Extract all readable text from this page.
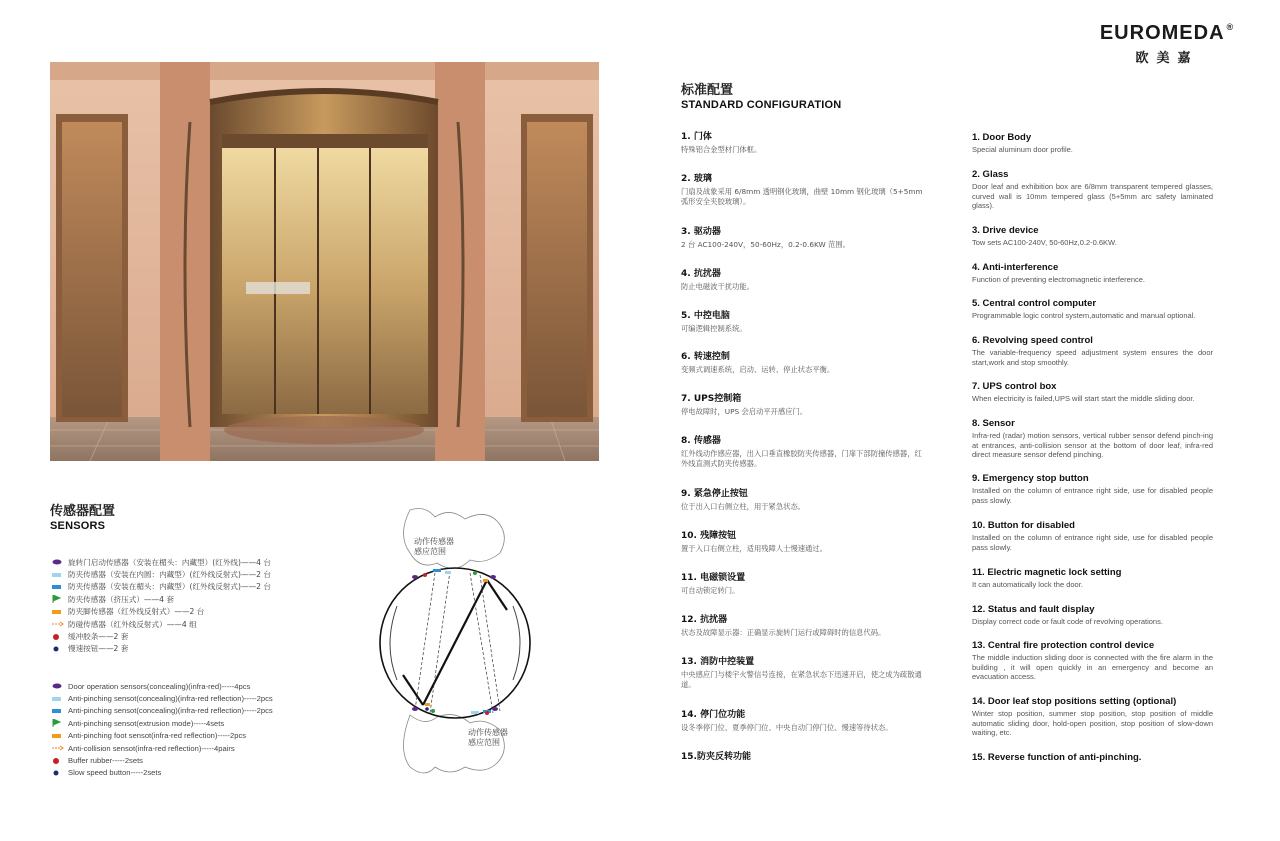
EUROMEDA ®
欧美嘉
标准配置
STANDARD CONFIGURATION
1. 门体
特殊铝合金型材门体框。
2. 玻璃
门扇及战象采用 6/8mm 透明钢化玻璃，曲壁 10mm 钢化玻璃（5+5mm 弧形安全夹胶玻璃）。
3. 驱动器
2 台 AC100-240V，50-60Hz，0.2-0.6KW 范围。
4. 抗扰器
防止电磁波干扰功能。
5. 中控电脑
可编逻辑控制系统。
6. 转速控制
变频式调速系统，启动、运转、停止状态平衡。
7. UPS控制箱
停电故障时，UPS 会启动平开感应门。
8. 传感器
红外线动作感应器，出入口垂直橡胶防夹传感器，门扉下部防撞传感器，红外线直测式防夹传感器。
9. 紧急停止按钮
位于出入口右侧立柱，用于紧急状态。
10. 残障按钮
置于入口右侧立柱，适用残障人士慢速通过。
11. 电磁锁设置
可自动锁定转门。
12. 抗扰器
状态及故障显示器：正确显示旋转门运行或障碍时的信息代码。
13. 消防中控装置
中央感应门与楼宇火警信号连接，在紧急状态下迅速开启，使之成为疏散通道。
14. 停门位功能
设冬季停门位、夏季停门位、中央自动门停门位、慢速等待状态。
15.防夹反转功能
1. Door Body
Special aluminum door profile.
2. Glass
Door leaf and exhibition box are 6/8mm transparent tempered glasses, curved wall is 10mm tempered glass (5+5mm arc safety laminated glass).
3. Drive device
Tow sets AC100-240V, 50-60Hz,0.2-0.6KW.
4. Anti-interference
Function of preventing electromagnetic interference.
5. Central control computer
Programmable logic control system,automatic and manual optional.
6. Revolving speed control
The variable-frequency speed adjustment system ensures the door start,work and stop smoothly.
7. UPS control box
When electricity is failed,UPS will start start the middle sliding door.
8. Sensor
Infra-red (radar) motion sensors, vertical rubber sensor defend pinch-ing at entrances, anti-collision sensor at the bottom of door leaf, infra-red direct measure sensor defend pinching.
9. Emergency stop button
Installed on the column of entrance right side, use for disabled people pass slowly.
10. Button for disabled
Installed on the column of entrance right side, use for disabled people pass slowly.
11. Electric magnetic lock setting
It can automatically lock the door.
12. Status and fault display
Display correct code or fault code of revolving operations.
13. Central fire protection control device
The middle induction sliding door is connected with the fire alarm in the building , it will open quickly in an emergency and become an evacuation access.
14. Door leaf stop positions setting (optional)
Winter stop position, summer stop position, stop position of middle automatic sliding door, hold-open position, stop position of slow-down waiting, etc.
15. Reverse function of anti-pinching.
传感器配置
SENSORS
旋转门启动传感器（安装在楣头：内藏型）(红外线)——4 台
防夹传感器（安装在内圆：内藏型）(红外线反射式)——2 台
防夹传感器（安装在楣头：内藏型）(红外线反射式)——2 台
防夹传感器（挤压式）——4 套
防夹脚传感器（红外线反射式）——2 台
防碰传感器（红外线反射式）——4 组
缓冲胶条——2 套
慢速按钮——2 套
Door operation sensors(concealing)(infra-red)-----4pcs
Anti-pinching sensot(concealing)(infra-red reflection)-----2pcs
Anti-pinching sensot(concealing)(infra-red reflection)-----2pcs
Anti-pinching sensot(extrusion mode)-----4sets
Anti-pinching foot sensot(infra-red reflection)-----2pcs
Anti-collision sensot(infra-red reflection)-----4pairs
Buffer rubber-----2sets
Slow speed button-----2sets
动作传感器
感应范围
动作传感器
感应范围
